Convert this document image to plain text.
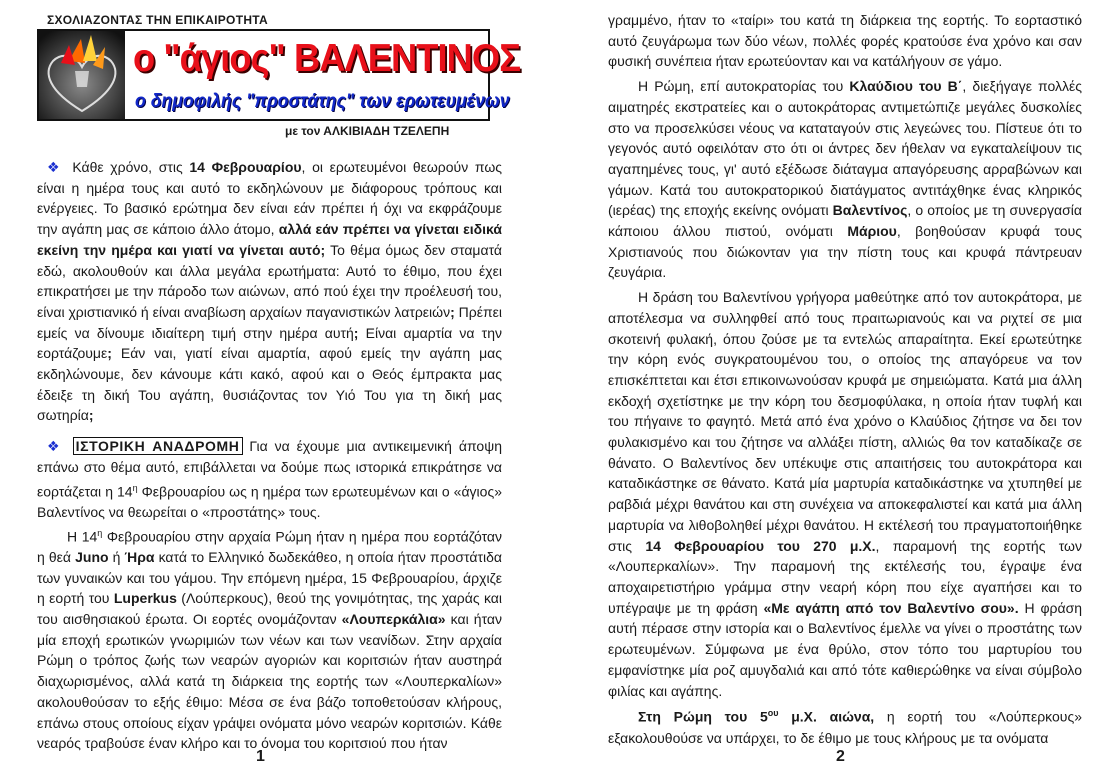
ΣΧΟΛΙΑΖΟΝΤΑΣ ΤΗΝ ΕΠΙΚΑΙΡΟΤΗΤΑ
ο "άγιος" ΒΑΛΕΝΤΙΝΟΣ
ο δημοφιλής "προστάτης" των ερωτευμένων
με τον ΑΛΚΙΒΙΑΔΗ ΤΖΕΛΕΠΗ

❖ Κάθε χρόνο, στις 14 Φεβρουαρίου, οι ερωτευμένοι θεωρούν πως είναι η ημέρα τους και αυτό το εκδηλώνουν με διάφορους τρόπους και ενέργειες. Το βασικό ερώτημα δεν είναι εάν πρέπει ή όχι να εκφράζουμε την αγάπη μας σε κάποιο άλλο άτομο, αλλά εάν πρέπει να γίνεται ειδικά εκείνη την ημέρα και γιατί να γίνεται αυτό; Το θέμα όμως δεν σταματά εδώ, ακολουθούν και άλλα μεγάλα ερωτήματα: Αυτό το έθιμο, που έχει επικρατήσει με την πάροδο των αιώνων, από πού έχει την προέλευσή του, είναι χριστιανικό ή είναι αναβίωση αρχαίων παγανιστικών λατρειών; Πρέπει εμείς να δίνουμε ιδιαίτερη τιμή στην ημέρα αυτή; Είναι αμαρτία να την εορτάζουμε; Εάν ναι, γιατί είναι αμαρτία, αφού εμείς την αγάπη μας εκδηλώνουμε, δεν κάνουμε κάτι κακό, αφού και ο Θεός έμπρακτα μας έδειξε τη δική Του αγάπη, θυσιάζοντας τον Υιό Του για τη δική μας σωτηρία;

❖ ΙΣΤΟΡΙΚΗ ΑΝΑΔΡΟΜΗ Για να έχουμε μια αντικειμενική άποψη επάνω στο θέμα αυτό, επιβάλλεται να δούμε πως ιστορικά επικράτησε να εορτάζεται η $14^\eta$ Φεβρουαρίου ως η ημέρα των ερωτευμένων και ο «άγιος» Βαλεντίνος να θεωρείται ο «προστάτης» τους.

Η $14^\eta$ Φεβρουαρίου στην αρχαία Ρώμη ήταν η ημέρα που εορτάζόταν η θεά Juno ή Ήρα κατά το Ελληνικό δωδεκάθεο, η οποία ήταν προστάτιδα των γυναικών και του γάμου. Την επόμενη ημέρα, 15 Φεβρουαρίου, άρχιζε η εορτή του Luperkus (Λούπερκους), θεού της γονιμότητας, της χαράς και του αισθησιακού έρωτα. Οι εορτές ονομάζονταν «Λουπερκάλια» και ήταν μία εποχή ερωτικών γνωριμιών των νέων και των νεανίδων. Στην αρχαία Ρώμη ο τρόπος ζωής των νεαρών αγοριών και κοριτσιών ήταν αυστηρά διαχωρισμένος, αλλά κατά τη διάρκεια της εορτής των «Λουπερκαλίων» ακολουθούσαν το εξής έθιμο: Μέσα σε ένα βάζο τοποθετούσαν κλήρους, επάνω στους οποίους είχαν γράψει ονόματα μόνο νεαρών κοριτσιών. Κάθε νεαρός τραβούσε έναν κλήρο και το όνομα του κοριτσιού που ήταν

1

γραμμένο, ήταν το «ταίρι» του κατά τη διάρκεια της εορτής. Το εορταστικό αυτό ζευγάρωμα των δύο νέων, πολλές φορές κρατούσε ένα χρόνο και σαν φυσική συνέπεια ήταν ερωτεύονταν και να κατάλήγουν σε γάμο.

Η Ρώμη, επί αυτοκρατορίας του Κλαύδιου του Β΄, διεξήγαγε πολλές αιματηρές εκστρατείες και ο αυτοκράτορας αντιμετώπιζε μεγάλες δυσκολίες στο να προσελκύσει νέους να καταταγούν στις λεγεώνες του. Πίστευε ότι το γεγονός αυτό οφειλόταν στο ότι οι άντρες δεν ήθελαν να εγκαταλείψουν τις αγαπημένες τους, γι' αυτό εξέδωσε διάταγμα απαγόρευσης αρραβώνων και γάμων. Κατά του αυτοκρατορικού διατάγματος αντιτάχθηκε ένας κληρικός (ιερέας) της εποχής εκείνης ονόματι Βαλεντίνος, ο οποίος με τη συνεργασία κάποιου άλλου πιστού, ονόματι Μάριου, βοηθούσαν κρυφά τους Χριστιανούς που διώκονταν για την πίστη τους και κρυφά πάντρευαν ζευγάρια.

Η δράση του Βαλεντίνου γρήγορα μαθεύτηκε από τον αυτοκράτορα, με αποτέλεσμα να συλληφθεί από τους πραιτωριανούς και να ριχτεί σε μια σκοτεινή φυλακή, όπου ζούσε με τα εντελώς απαραίτητα. Εκεί ερωτεύτηκε την κόρη ενός συγκρατουμένου του, ο οποίος της απαγόρευε να τον επισκέπτεται και έτσι επικοινωνούσαν κρυφά με σημειώματα. Κατά μια άλλη εκδοχή σχετίστηκε με την κόρη του δεσμοφύλακα, η οποία ήταν τυφλή και του πήγαινε το φαγητό. Μετά από ένα χρόνο ο Κλαύδιος ζήτησε να δει τον φυλακισμένο και του ζήτησε να αλλάξει πίστη, αλλιώς θα τον καταδίκαζε σε θάνατο. Ο Βαλεντίνος δεν υπέκυψε στις απαιτήσεις του αυτοκράτορα και καταδικάστηκε σε θάνατο. Κατά μία μαρτυρία καταδικάστηκε να χτυπηθεί με ραβδιά μέχρι θανάτου και στη συνέχεια να αποκεφαλιστεί και κατά μια άλλη μαρτυρία να λιθοβοληθεί μέχρι θανάτου. Η εκτέλεσή του πραγματοποιήθηκε στις 14 Φεβρουαρίου του 270 μ.Χ., παραμονή της εορτής των «Λουπερκαλίων». Την παραμονή της εκτέλεσής του, έγραψε ένα αποχαιρετιστήριο γράμμα στην νεαρή κόρη που είχε αγαπήσει και το υπέγραψε με τη φράση «Με αγάπη από τον Βαλεντίνο σου». Η φράση αυτή πέρασε στην ιστορία και ο Βαλεντίνος έμελλε να γίνει ο προστάτης των ερωτευμένων. Σύμφωνα με ένα θρύλο, στον τόπο του μαρτυρίου του εμφανίστηκε μία ροζ αμυγδαλιά και από τότε καθιερώθηκε να είναι σύμβολο φιλίας και αγάπης.

Στη Ρώμη του $5^{o\upsilon}$ μ.Χ. αιώνα, η εορτή του «Λούπερκους» εξακολουθούσε να υπάρχει, το δε έθιμο με τους κλήρους με τα ονόματα

2
